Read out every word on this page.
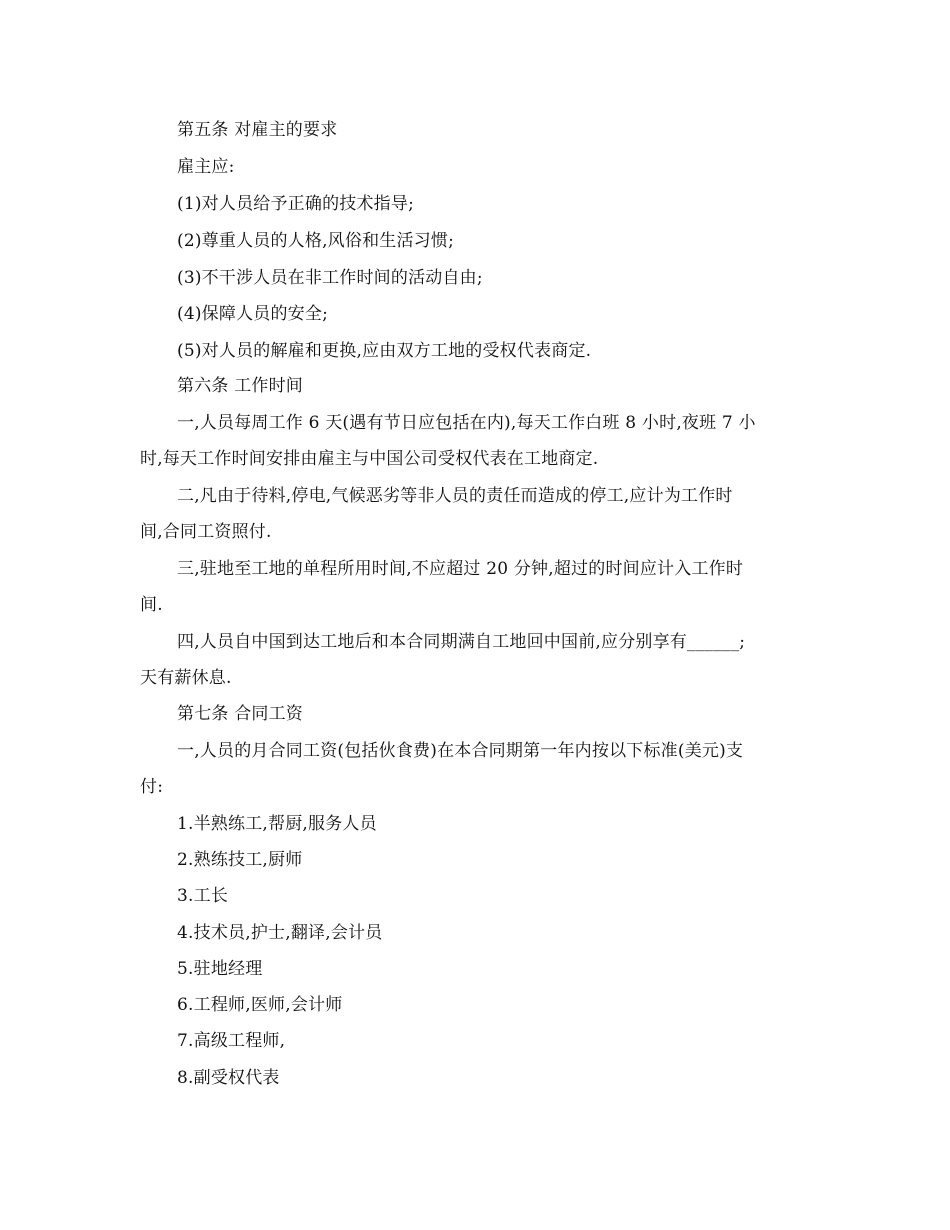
第五条 对雇主的要求
雇主应:
(1)对人员给予正确的技术指导;
(2)尊重人员的人格,风俗和生活习惯;
(3)不干涉人员在非工作时间的活动自由;
(4)保障人员的安全;
(5)对人员的解雇和更换,应由双方工地的受权代表商定.
第六条 工作时间
一,人员每周工作 6 天(遇有节日应包括在内),每天工作白班 8 小时,夜班 7 小
时,每天工作时间安排由雇主与中国公司受权代表在工地商定.
二,凡由于待料,停电,气候恶劣等非人员的责任而造成的停工,应计为工作时
间,合同工资照付.
三,驻地至工地的单程所用时间,不应超过 20 分钟,超过的时间应计入工作时
间.
四,人员自中国到达工地后和本合同期满自工地回中国前,应分别享有______;
天有薪休息.
第七条 合同工资
一,人员的月合同工资(包括伙食费)在本合同期第一年内按以下标准(美元)支
付:
1.半熟练工,帮厨,服务人员
2.熟练技工,厨师
3.工长
4.技术员,护士,翻译,会计员
5.驻地经理
6.工程师,医师,会计师
7.高级工程师,
8.副受权代表
